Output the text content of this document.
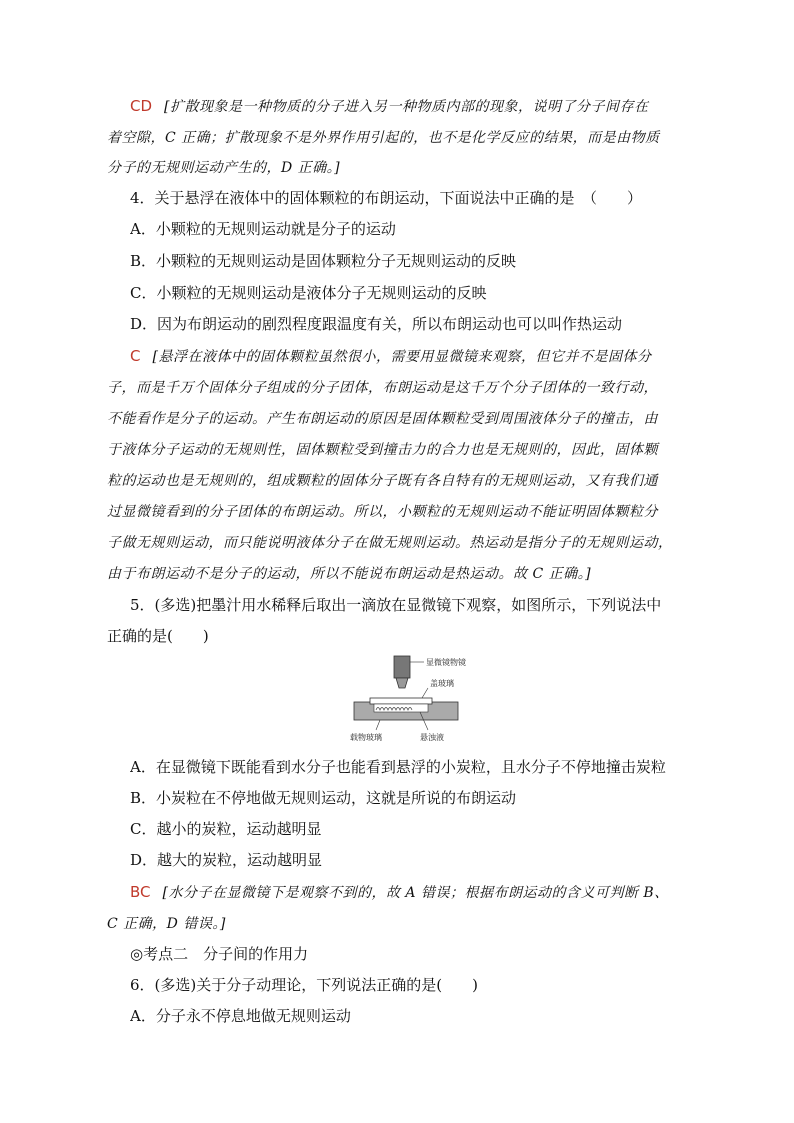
CD [扩散现象是一种物质的分子进入另一种物质内部的现象，说明了分子间存在
着空隙，C 正确；扩散现象不是外界作用引起的，也不是化学反应的结果，而是由物质
分子的无规则运动产生的，D 正确。]
4．关于悬浮在液体中的固体颗粒的布朗运动，下面说法中正确的是　（　　）
A．小颗粒的无规则运动就是分子的运动
B．小颗粒的无规则运动是固体颗粒分子无规则运动的反映
C．小颗粒的无规则运动是液体分子无规则运动的反映
D．因为布朗运动的剧烈程度跟温度有关，所以布朗运动也可以叫作热运动
C [悬浮在液体中的固体颗粒虽然很小，需要用显微镜来观察，但它并不是固体分
子，而是千万个固体分子组成的分子团体，布朗运动是这千万个分子团体的一致行动，
不能看作是分子的运动。产生布朗运动的原因是固体颗粒受到周围液体分子的撞击，由
于液体分子运动的无规则性，固体颗粒受到撞击力的合力也是无规则的，因此，固体颗
粒的运动也是无规则的，组成颗粒的固体分子既有各自特有的无规则运动，又有我们通
过显微镜看到的分子团体的布朗运动。所以，小颗粒的无规则运动不能证明固体颗粒分
子做无规则运动，而只能说明液体分子在做无规则运动。热运动是指分子的无规则运动，
由于布朗运动不是分子的运动，所以不能说布朗运动是热运动。故 C 正确。]
5．(多选)把墨汁用水稀释后取出一滴放在显微镜下观察，如图所示，下列说法中
正确的是(　　)
显微镜物镜
盖玻璃
载物玻璃	悬浊液
A．在显微镜下既能看到水分子也能看到悬浮的小炭粒，且水分子不停地撞击炭粒
B．小炭粒在不停地做无规则运动，这就是所说的布朗运动
C．越小的炭粒，运动越明显
D．越大的炭粒，运动越明显
BC [水分子在显微镜下是观察不到的，故 A 错误；根据布朗运动的含义可判断 B、
C 正确，D 错误。]
◎考点二　分子间的作用力
6．(多选)关于分子动理论，下列说法正确的是(　　)
A．分子永不停息地做无规则运动
